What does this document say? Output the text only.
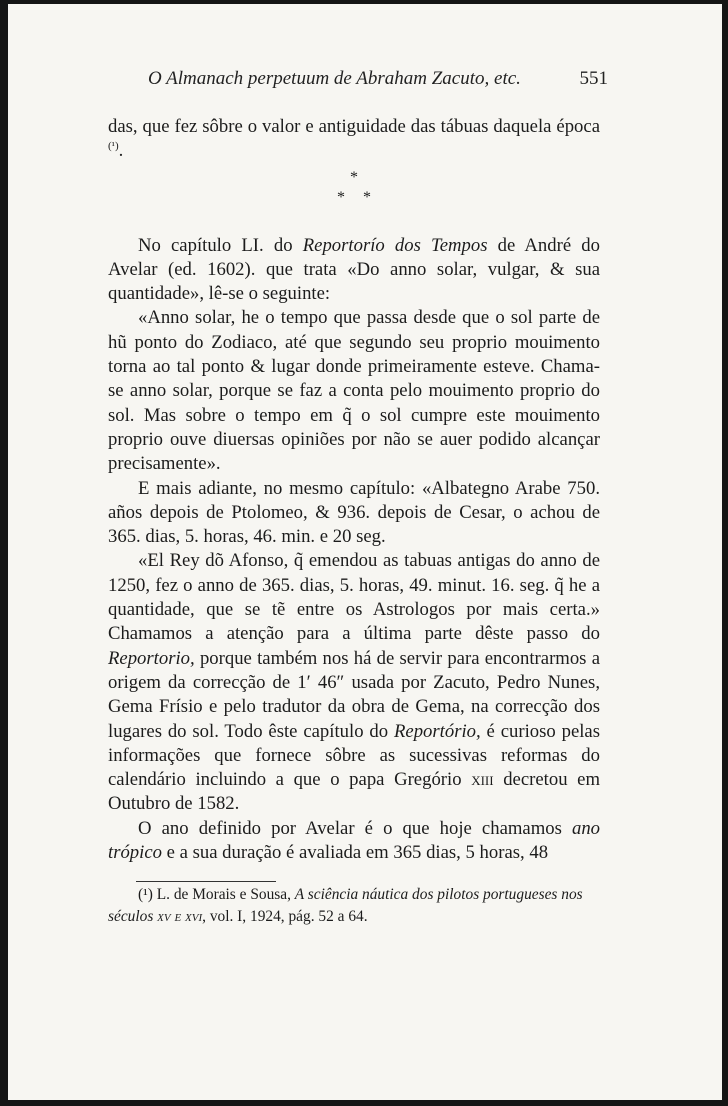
O Almanach perpetuum de Abraham Zacuto, etc.	551

das, que fez sôbre o valor e antiguidade das tábuas daquela época $^{(^1)}$.

*
**

No capítulo LI. do Reportorío dos Tempos de André do Avelar (ed. 1602). que trata «Do anno solar, vulgar, & sua quantidade», lê-se o seguinte:

«Anno solar, he o tempo que passa desde que o sol parte de hũ ponto do Zodiaco, até que segundo seu proprio mouimento torna ao tal ponto & lugar donde primeiramente esteve. Chama-se anno solar, porque se faz a conta pelo mouimento proprio do sol. Mas sobre o tempo em q̃ o sol cumpre este mouimento proprio ouve diuersas opiniões por não se auer podido alcançar precisamente».

E mais adiante, no mesmo capítulo: «Albategno Arabe 750. años depois de Ptolomeo, & 936. depois de Cesar, o achou de 365. dias, 5. horas, 46. min. e 20 seg.

«El Rey dõ Afonso, q̃ emendou as tabuas antigas do anno de 1250, fez o anno de 365. dias, 5. horas, 49. minut. 16. seg. q̃ he a quantidade, que se tẽ entre os Astrologos por mais certa.» Chamamos a atenção para a última parte dêste passo do Reportorio, porque também nos há de servir para encontrarmos a origem da correcção de 1′ 46″ usada por Zacuto, Pedro Nunes, Gema Frísio e pelo tradutor da obra de Gema, na correcção dos lugares do sol. Todo êste capítulo do Reportório, é curioso pelas informações que fornece sôbre as sucessivas reformas do calendário incluindo a que o papa Gregório xiii decretou em Outubro de 1582.

O ano definido por Avelar é o que hoje chamamos ano trópico e a sua duração é avaliada em 365 dias, 5 horas, 48

(¹) L. de Morais e Sousa, A sciência náutica dos pilotos portugueses nos séculos xv e xvi, vol. I, 1924, pág. 52 a 64.
